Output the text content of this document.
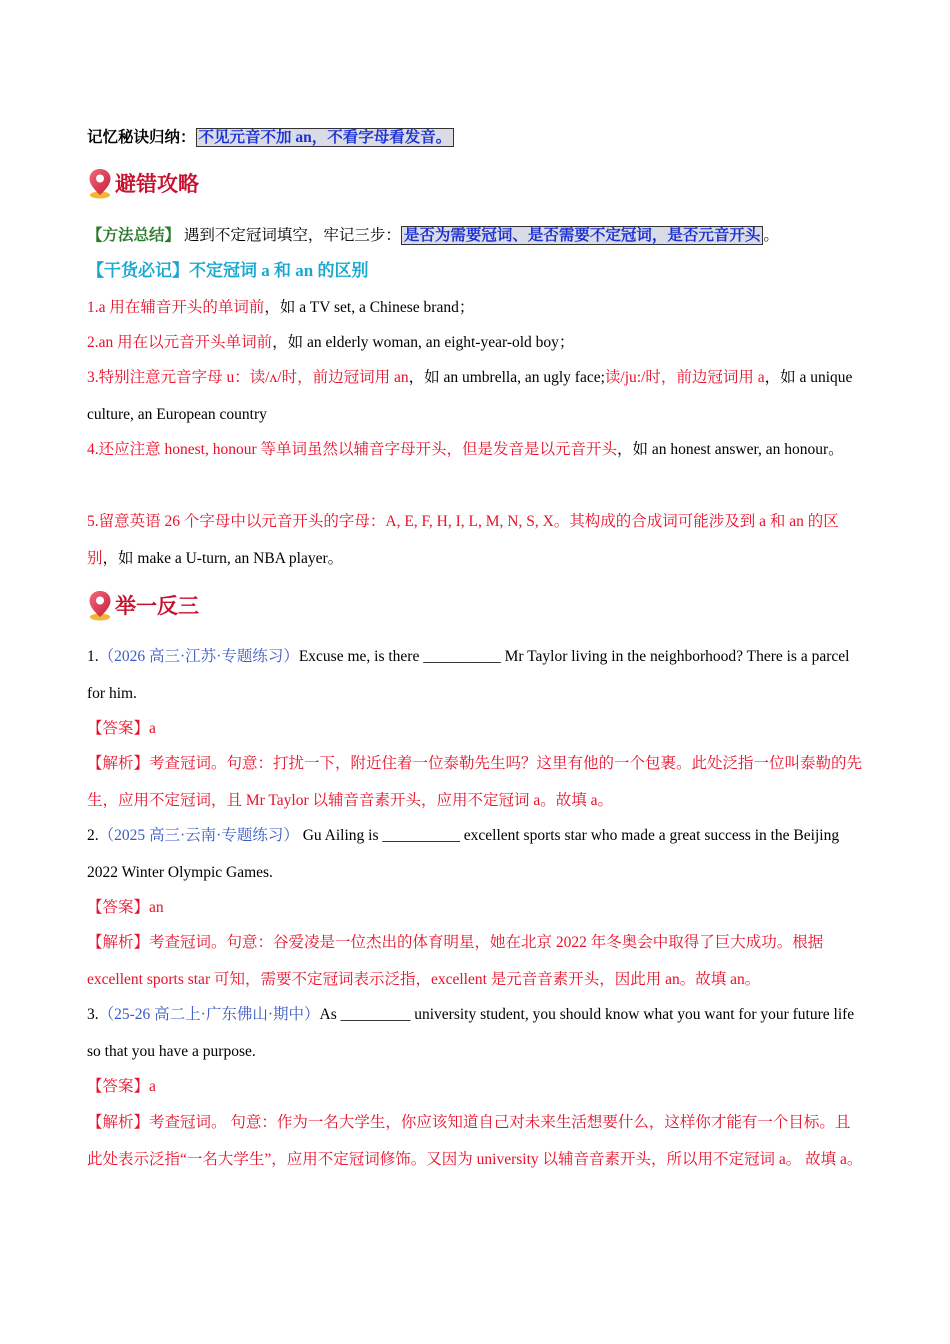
记忆秘诀归纳： 不见元音不加 an，不看字母看发音。
避错攻略
【方法总结】 遇到不定冠词填空，牢记三步： 是否为需要冠词、是否需要不定冠词，是否元音开头 。
【干货必记】不定冠词 a 和 an 的区别
1.a 用在辅音开头的单词前，如 a TV set, a Chinese brand；
2.an 用在以元音开头单词前，如 an elderly woman, an eight-year-old boy；
3.特别注意元音字母 u：读/ʌ/时，前边冠词用 an，如 an umbrella, an ugly face;读/ju:/时，前边冠词用 a，如 a unique culture, an European country
4.还应注意 honest, honour 等单词虽然以辅音字母开头，但是发音是以元音开头，如 an honest answer, an honour。
5.留意英语 26 个字母中以元音开头的字母：A, E, F, H, I, L, M, N, S, X。其构成的合成词可能涉及到 a 和 an 的区别，如 make a U-turn, an NBA player。
举一反三
1.（2026 高三·江苏·专题练习）Excuse me, is there __________ Mr Taylor living in the neighborhood? There is a parcel for him.
【答案】a
【解析】考查冠词。句意：打扰一下，附近住着一位泰勒先生吗？这里有他的一个包裹。此处泛指一位叫泰勒的先生，应用不定冠词，且 Mr Taylor 以辅音音素开头，应用不定冠词 a。故填 a。
2.（2025 高三·云南·专题练习） Gu Ailing is __________ excellent sports star who made a great success in the Beijing 2022 Winter Olympic Games.
【答案】an
【解析】考查冠词。句意：谷爱凌是一位杰出的体育明星，她在北京 2022 年冬奥会中取得了巨大成功。根据 excellent sports star 可知，需要不定冠词表示泛指，excellent 是元音音素开头，因此用 an。故填 an。
3.（25-26 高二上·广东佛山·期中）As _________ university student, you should know what you want for your future life so that you have a purpose.
【答案】a
【解析】考查冠词。 句意：作为一名大学生，你应该知道自己对未来生活想要什么，这样你才能有一个目标。且此处表示泛指“一名大学生”，应用不定冠词修饰。又因为 university 以辅音音素开头，所以用不定冠词 a。 故填 a。
